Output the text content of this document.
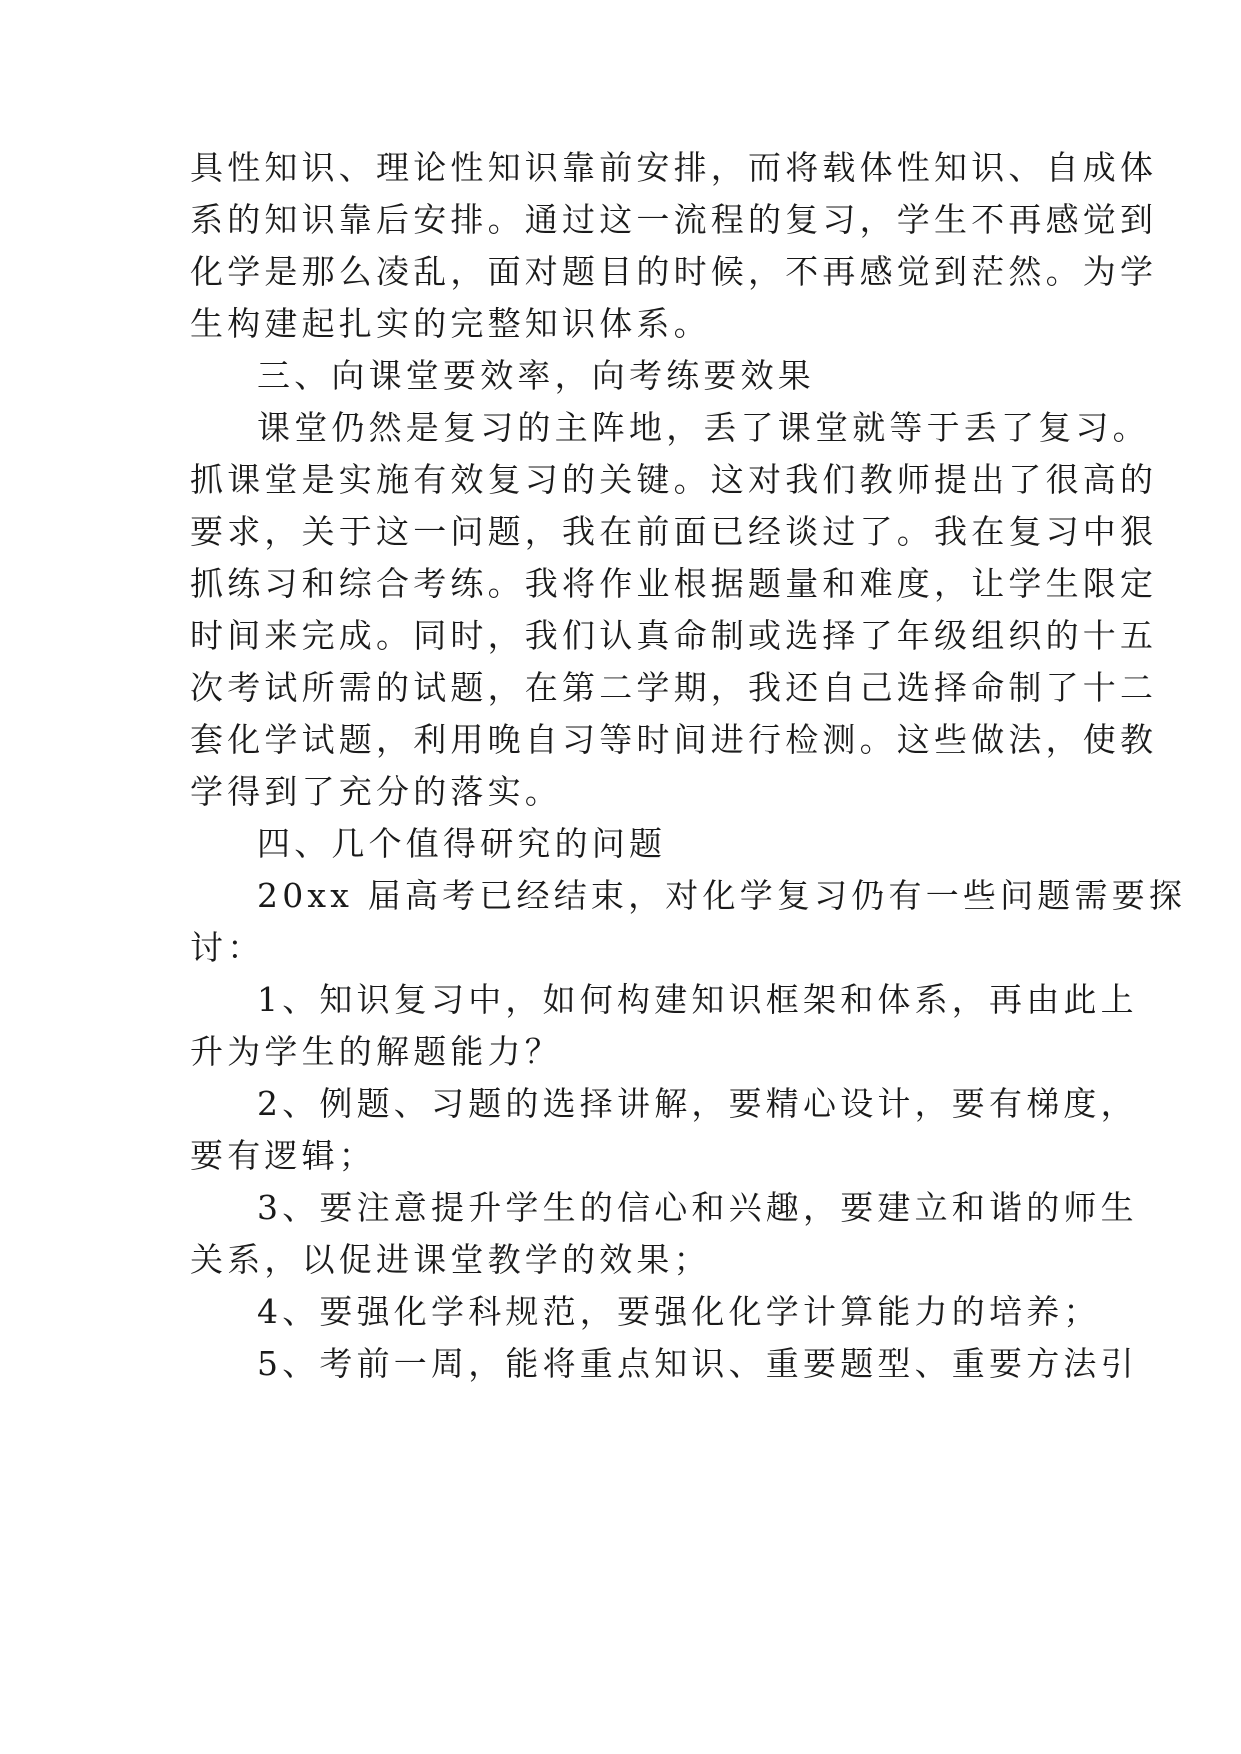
具性知识、理论性知识靠前安排，而将载体性知识、自成体
系的知识靠后安排。通过这一流程的复习，学生不再感觉到
化学是那么凌乱，面对题目的时候，不再感觉到茫然。为学
生构建起扎实的完整知识体系。
三、向课堂要效率，向考练要效果
课堂仍然是复习的主阵地，丢了课堂就等于丢了复习。
抓课堂是实施有效复习的关键。这对我们教师提出了很高的
要求，关于这一问题，我在前面已经谈过了。我在复习中狠
抓练习和综合考练。我将作业根据题量和难度，让学生限定
时间来完成。同时，我们认真命制或选择了年级组织的十五
次考试所需的试题，在第二学期，我还自己选择命制了十二
套化学试题，利用晚自习等时间进行检测。这些做法，使教
学得到了充分的落实。
四、几个值得研究的问题
20xx 届高考已经结束，对化学复习仍有一些问题需要探
讨：
1、知识复习中，如何构建知识框架和体系，再由此上
升为学生的解题能力？
2、例题、习题的选择讲解，要精心设计，要有梯度，
要有逻辑；
3、要注意提升学生的信心和兴趣，要建立和谐的师生
关系，以促进课堂教学的效果；
4、要强化学科规范，要强化化学计算能力的培养；
5、考前一周，能将重点知识、重要题型、重要方法引
